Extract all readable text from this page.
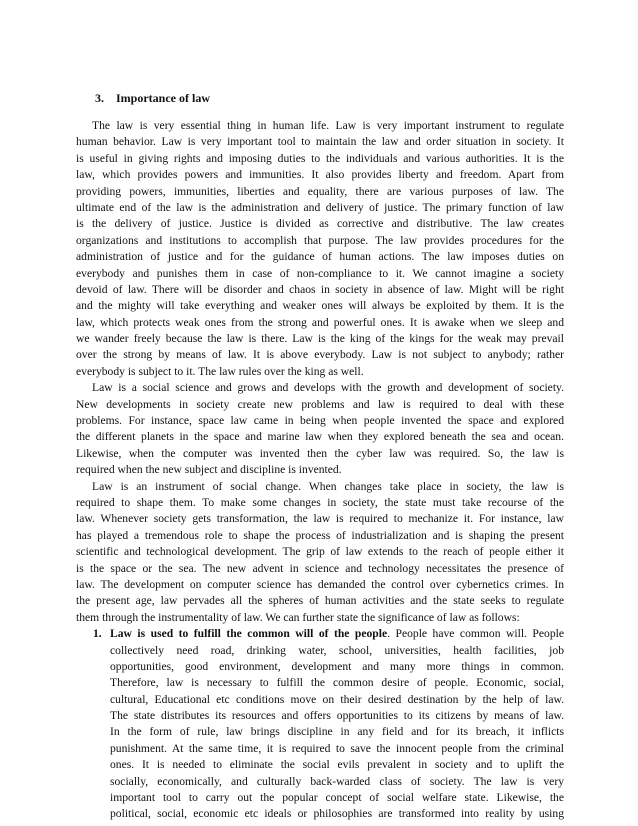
3. Importance of law
The law is very essential thing in human life. Law is very important instrument to regulate
human behavior. Law is very important tool to maintain the law and order situation in society. It
is useful in giving rights and imposing duties to the individuals and various authorities. It is the
law, which provides powers and immunities. It also provides liberty and freedom. Apart from
providing powers, immunities, liberties and equality, there are various purposes of law. The
ultimate end of the law is the administration and delivery of justice. The primary function of law
is the delivery of justice. Justice is divided as corrective and distributive. The law creates
organizations and institutions to accomplish that purpose. The law provides procedures for the
administration of justice and for the guidance of human actions. The law imposes duties on
everybody and punishes them in case of non-compliance to it. We cannot imagine a society
devoid of law. There will be disorder and chaos in society in absence of law. Might will be right
and the mighty will take everything and weaker ones will always be exploited by them. It is the
law, which protects weak ones from the strong and powerful ones. It is awake when we sleep and
we wander freely because the law is there. Law is the king of the kings for the weak may prevail
over the strong by means of law. It is above everybody. Law is not subject to anybody; rather
everybody is subject to it. The law rules over the king as well.
Law is a social science and grows and develops with the growth and development of society.
New developments in society create new problems and law is required to deal with these
problems. For instance, space law came in being when people invented the space and explored
the different planets in the space and marine law when they explored beneath the sea and ocean.
Likewise, when the computer was invented then the cyber law was required. So, the law is
required when the new subject and discipline is invented.
Law is an instrument of social change. When changes take place in society, the law is
required to shape them. To make some changes in society, the state must take recourse of the
law. Whenever society gets transformation, the law is required to mechanize it. For instance, law
has played a tremendous role to shape the process of industrialization and is shaping the present
scientific and technological development. The grip of law extends to the reach of people either it
is the space or the sea. The new advent in science and technology necessitates the presence of
law. The development on computer science has demanded the control over cybernetics crimes. In
the present age, law pervades all the spheres of human activities and the state seeks to regulate
them through the instrumentality of law. We can further state the significance of law as follows:
1. Law is used to fulfill the common will of the people. People have common will. People
collectively need road, drinking water, school, universities, health facilities, job
opportunities, good environment, development and many more things in common.
Therefore, law is necessary to fulfill the common desire of people. Economic, social,
cultural, Educational etc conditions move on their desired destination by the help of law.
The state distributes its resources and offers opportunities to its citizens by means of law.
In the form of rule, law brings discipline in any field and for its breach, it inflicts
punishment. At the same time, it is required to save the innocent people from the criminal
ones. It is needed to eliminate the social evils prevalent in society and to uplift the
socially, economically, and culturally back-warded class of society. The law is very
important tool to carry out the popular concept of social welfare state. Likewise, the
political, social, economic etc ideals or philosophies are transformed into reality by using
